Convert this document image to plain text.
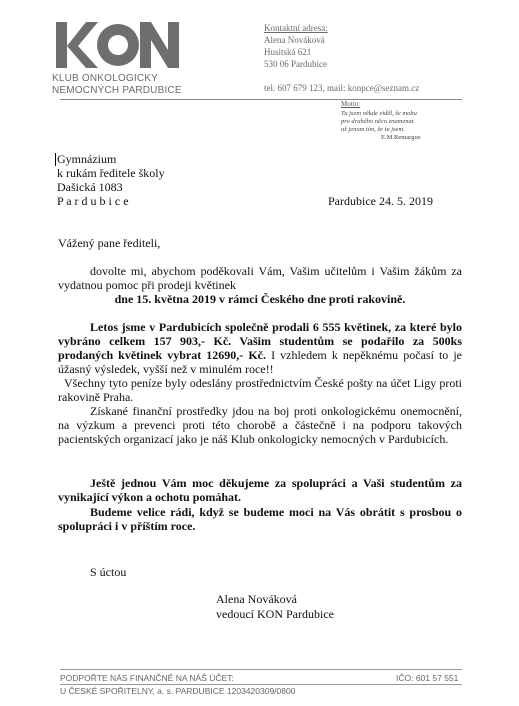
KLUB ONKOLOGICKY
NEMOCNÝCH PARDUBICE
Kontaktní adresa:
Alena Nováková
Husitská 621
530 06 Pardubice
tel. 607 679 123, mail: konpce@seznam.cz
Motto:
Tu jsem někde viděl, že mohu
pro druhého něco znamenat
už jenom tím, že tu jsem.
E.M.Remargue
Gymnázium
k rukám ředitele školy
Dašická 1083
P a r d u b i c e	Pardubice 24. 5. 2019
Vážený pane řediteli,
dovolte mi, abychom poděkovali Vám, Vašim učitelům i Vašim žákům za vydatnou pomoc při prodeji květinek
dne 15. května 2019 v rámci Českého dne proti rakovině.
Letos jsme v Pardubicích společně prodali 6 555 květinek, za které bylo vybráno celkem 157 903,- Kč. Vašim studentům se podařilo za 500ks prodaných květinek vybrat 12690,- Kč. I vzhledem k nepěknému počasí to je úžasný výsledek, vyšší než v minulém roce!!
Všechny tyto peníze byly odeslány prostřednictvím České pošty na účet Ligy proti rakovině Praha.
Získané finanční prostředky jdou na boj proti onkologickému onemocnění, na výzkum a prevenci proti této chorobě a částečně i na podporu takových pacientských organizací jako je náš Klub onkologicky nemocných v Pardubicích.
Ještě jednou Vám moc děkujeme za spolupráci a Vaši studentům za vynikající výkon a ochotu pomáhat.
Budeme velice rádi, když se budeme moci na Vás obrátit s prosbou o spolupráci i v příštím roce.
S úctou
Alena Nováková
vedoucí KON Pardubice
PODPOŘTE NÁS FINANČNĚ NA NÁŠ ÚČET:	IČO: 601 57 551
U ČESKÉ SPOŘITELNY, a. s. PARDUBICE 1203420309/0800
